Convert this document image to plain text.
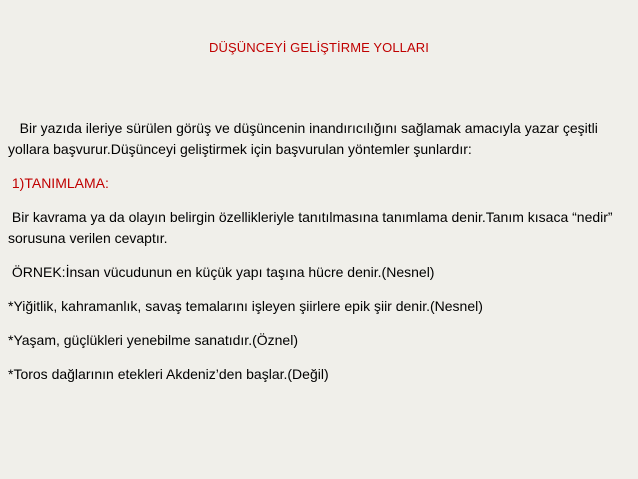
DÜŞÜNCEYİ GELİŞTİRME YOLLARI

Bir yazıda ileriye sürülen görüş ve düşüncenin inandırıcılığını sağlamak amacıyla yazar çeşitli yollara başvurur.Düşünceyi geliştirmek için başvurulan yöntemler şunlardır:

1)TANIMLAMA:

Bir kavrama ya da olayın belirgin özellikleriyle tanıtılmasına tanımlama denir.Tanım kısaca “nedir” sorusuna verilen cevaptır.

ÖRNEK:İnsan vücudunun en küçük yapı taşına hücre denir.(Nesnel)

*Yiğitlik, kahramanlık, savaş temalarını işleyen şiirlere epik şiir denir.(Nesnel)

*Yaşam, güçlükleri yenebilme sanatıdır.(Öznel)

*Toros dağlarının etekleri Akdeniz’den başlar.(Değil)
